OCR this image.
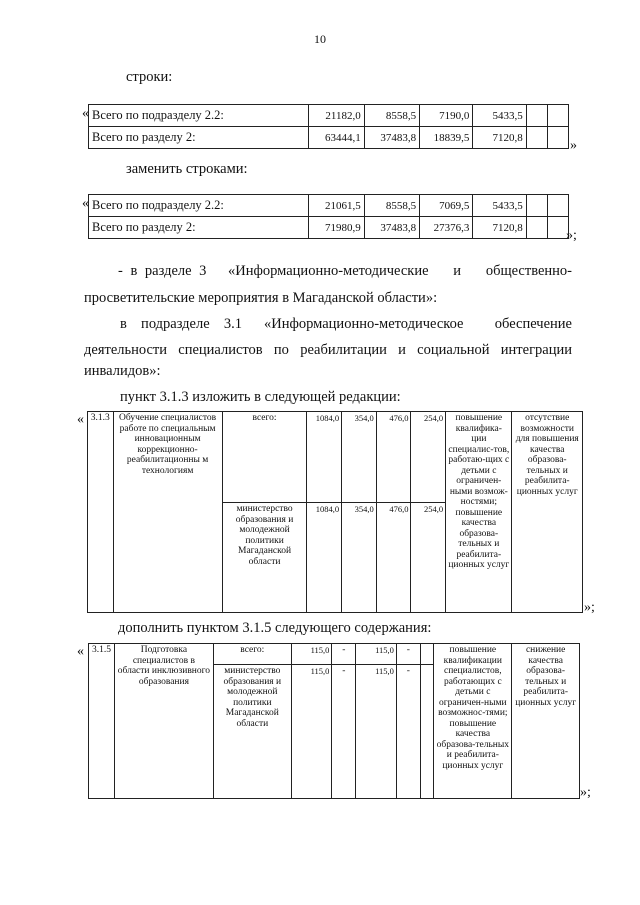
10
строки:
« Всего по подразделу 2.2:	21182,0	8558,5	7190,0	5433,5		
Всего по разделу 2:	63444,1	37483,8	18839,5	7120,8		
»
заменить строками:
« Всего по подразделу 2.2:	21061,5	8558,5	7069,5	5433,5		
Всего по разделу 2:	71980,9	37483,8	27376,3	7120,8		
»;
- в разделе 3	«Информационно-методические и общественно-
просветительские мероприятия в Магаданской области»:
в подразделе 3.1 «Информационно-методическое обеспечение
деятельности специалистов по реабилитации и социальной интеграции
инвалидов»:
пункт 3.1.3 изложить в следующей редакции:
« 3.1.3	Обучение специалистов работе по специальным инновационным коррекционно-реабилитационны м технологиям	всего:	1084,0	354,0	476,0	254,0	повышение квалифика-ции специалис-тов, работаю-щих с детьми с ограничен-ными возмож-ностями; повышение качества образова-тельных и реабилита-ционных услуг	отсутствие возможности для повышения качества образова-тельных и реабилита-ционных услуг
		министерство образования и молодежной политики Магаданской области	1084,0	354,0	476,0	254,0		
»;
дополнить пунктом 3.1.5 следующего содержания:
« 3.1.5	Подготовка специалистов в области инклюзивного образования	всего:	115,0	-	115,0	-		повышение квалификации специалистов, работающих с детьми с ограничен-ными возможнос-тями; повышение качества образова-тельных и реабилита-ционных услуг	снижение качества образова-тельных и реабилита-ционных услуг
		министерство образования и молодежной политики Магаданской области	115,0	-	115,0	-			
»;
